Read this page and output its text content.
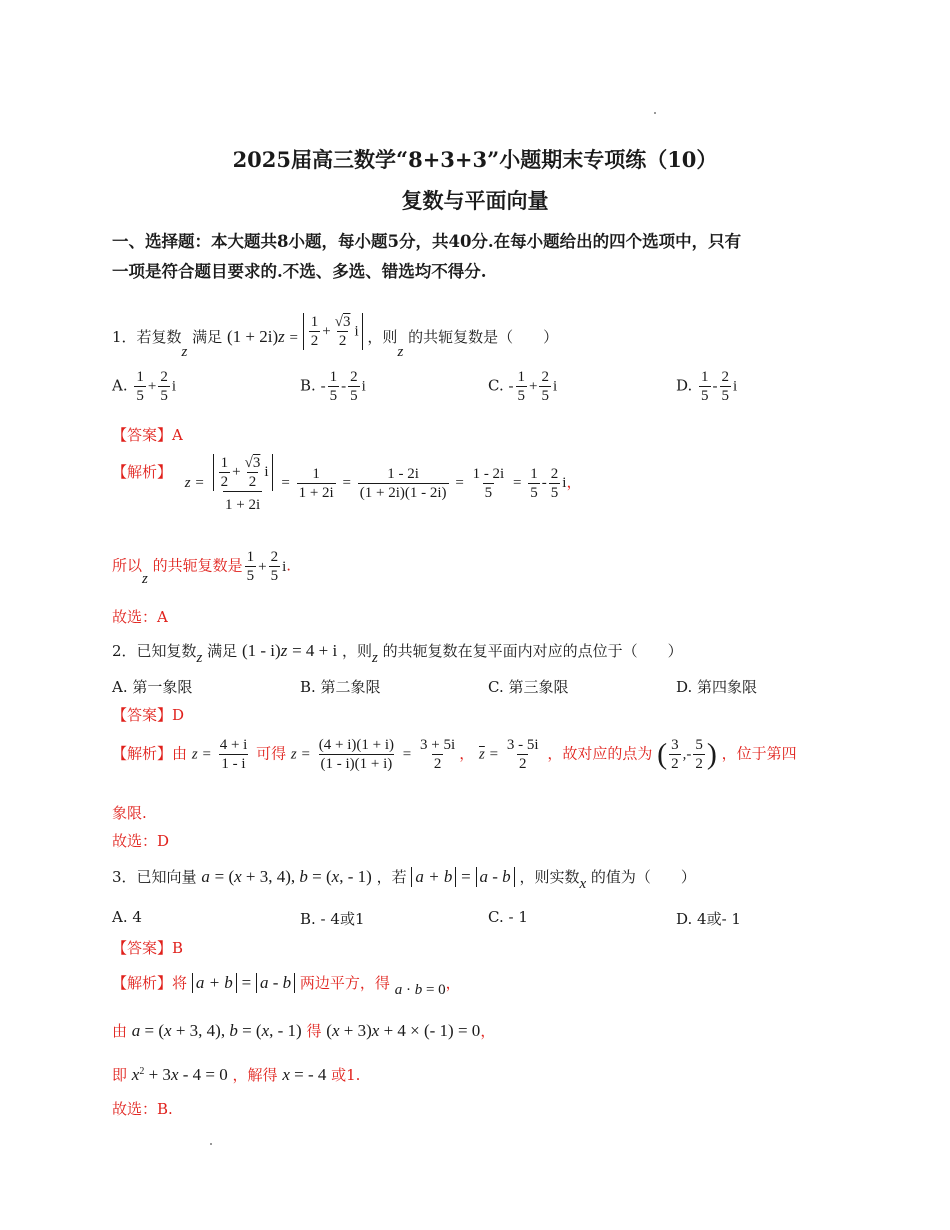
2025届高三数学“8+3+3”小题期末专项练（10）
复数与平面向量
一、选择题：本大题共8小题，每小题5分，共40分.在每小题给出的四个选项中，只有
一项是符合题目要求的.不选、多选、错选均不得分.
1．若复数z 满足 $(1 + 2i)z = \frac{1}{2} + \frac{√3}{2}$ i ，则z 的共轭复数是（　　）
A. $\frac{1}{5} + \frac{2}{5}$ i	B. - $\frac{1}{5} - \frac{2}{5}$ i	C. - $\frac{1}{5} + \frac{2}{5}$ i	D. $\frac{1}{5} - \frac{2}{5}$ i
【答案】A
【解析】 $z = \frac{\frac{1}{2} + \frac{√3}{2} i}{1 + 2i} = \frac{1}{1 + 2i} = \frac{1 - 2i}{(1 + 2i)(1 - 2i)} = \frac{1 - 2i}{5} = \frac{1}{5} - \frac{2}{5}$ i，
所以z 的共轭复数是 $\frac{1}{5} + \frac{2}{5} i$.
故选：A
2．已知复数z 满足 (1 - i)z = 4 + i ，则z 的共轭复数在复平面内对应的点位于（　　）
A. 第一象限	B. 第二象限	C. 第三象限	D. 第四象限
【答案】D
【解析】由 $z = \frac{4 + i}{1 - i}$ 可得 $z = \frac{(4 + i)(1 + i)}{(1 - i)(1 + i)} = \frac{3 + 5i}{2}$ ， $\overline{z} = \frac{3 - 5i}{2}$ ，故对应的点为 ( $\frac{3}{2}$ ,- $\frac{5}{2}$ ) ，位于第四
象限.
故选：D
3．已知向量 a = (x + 3, 4), b = (x, - 1) ，若 a + b = a - b ，则实数x 的值为（　　）
A. 4	B. - 4或1	C. - 1	D. 4或- 1
【答案】B
【解析】将 a + b = a - b 两边平方，得 a · b = 0，
由 a = (x + 3, 4), b = (x, - 1) 得 (x + 3)x + 4 × (- 1) = 0，
即 $x^2 + 3x - 4 = 0$ ，解得 x = - 4 或1.
故选：B.
